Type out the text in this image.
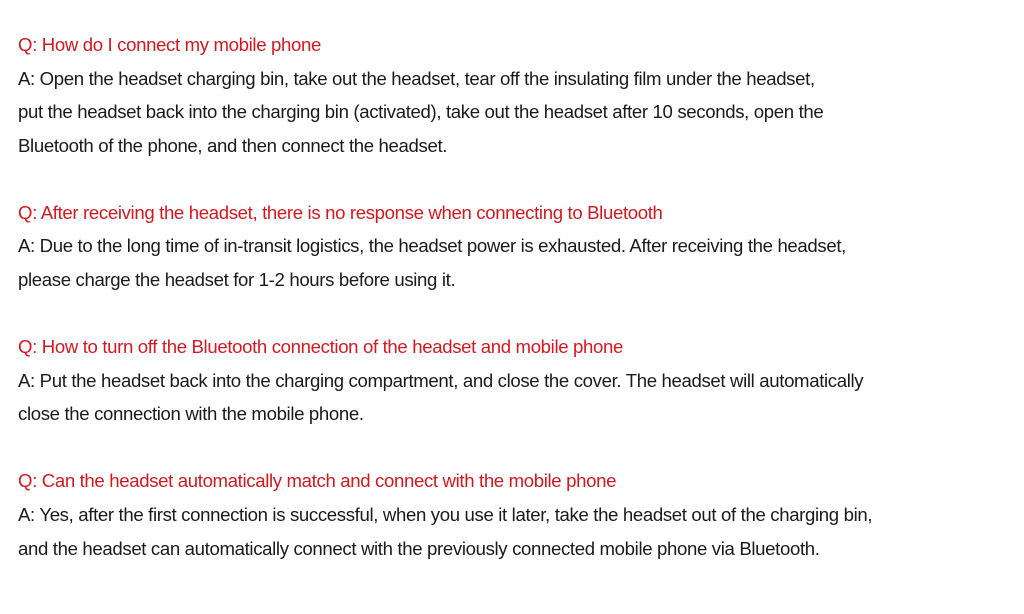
Q: How do I connect my mobile phone
A: Open the headset charging bin, take out the headset, tear off the insulating film under the headset,
put the headset back into the charging bin (activated), take out the headset after 10 seconds, open the
Bluetooth of the phone, and then connect the headset.
Q: After receiving the headset, there is no response when connecting to Bluetooth
A: Due to the long time of in-transit logistics, the headset power is exhausted. After receiving the headset,
please charge the headset for 1-2 hours before using it.
Q: How to turn off the Bluetooth connection of the headset and mobile phone
A: Put the headset back into the charging compartment, and close the cover. The headset will automatically
close the connection with the mobile phone.
Q: Can the headset automatically match and connect with the mobile phone
A: Yes, after the first connection is successful, when you use it later, take the headset out of the charging bin,
and the headset can automatically connect with the previously connected mobile phone via Bluetooth.
